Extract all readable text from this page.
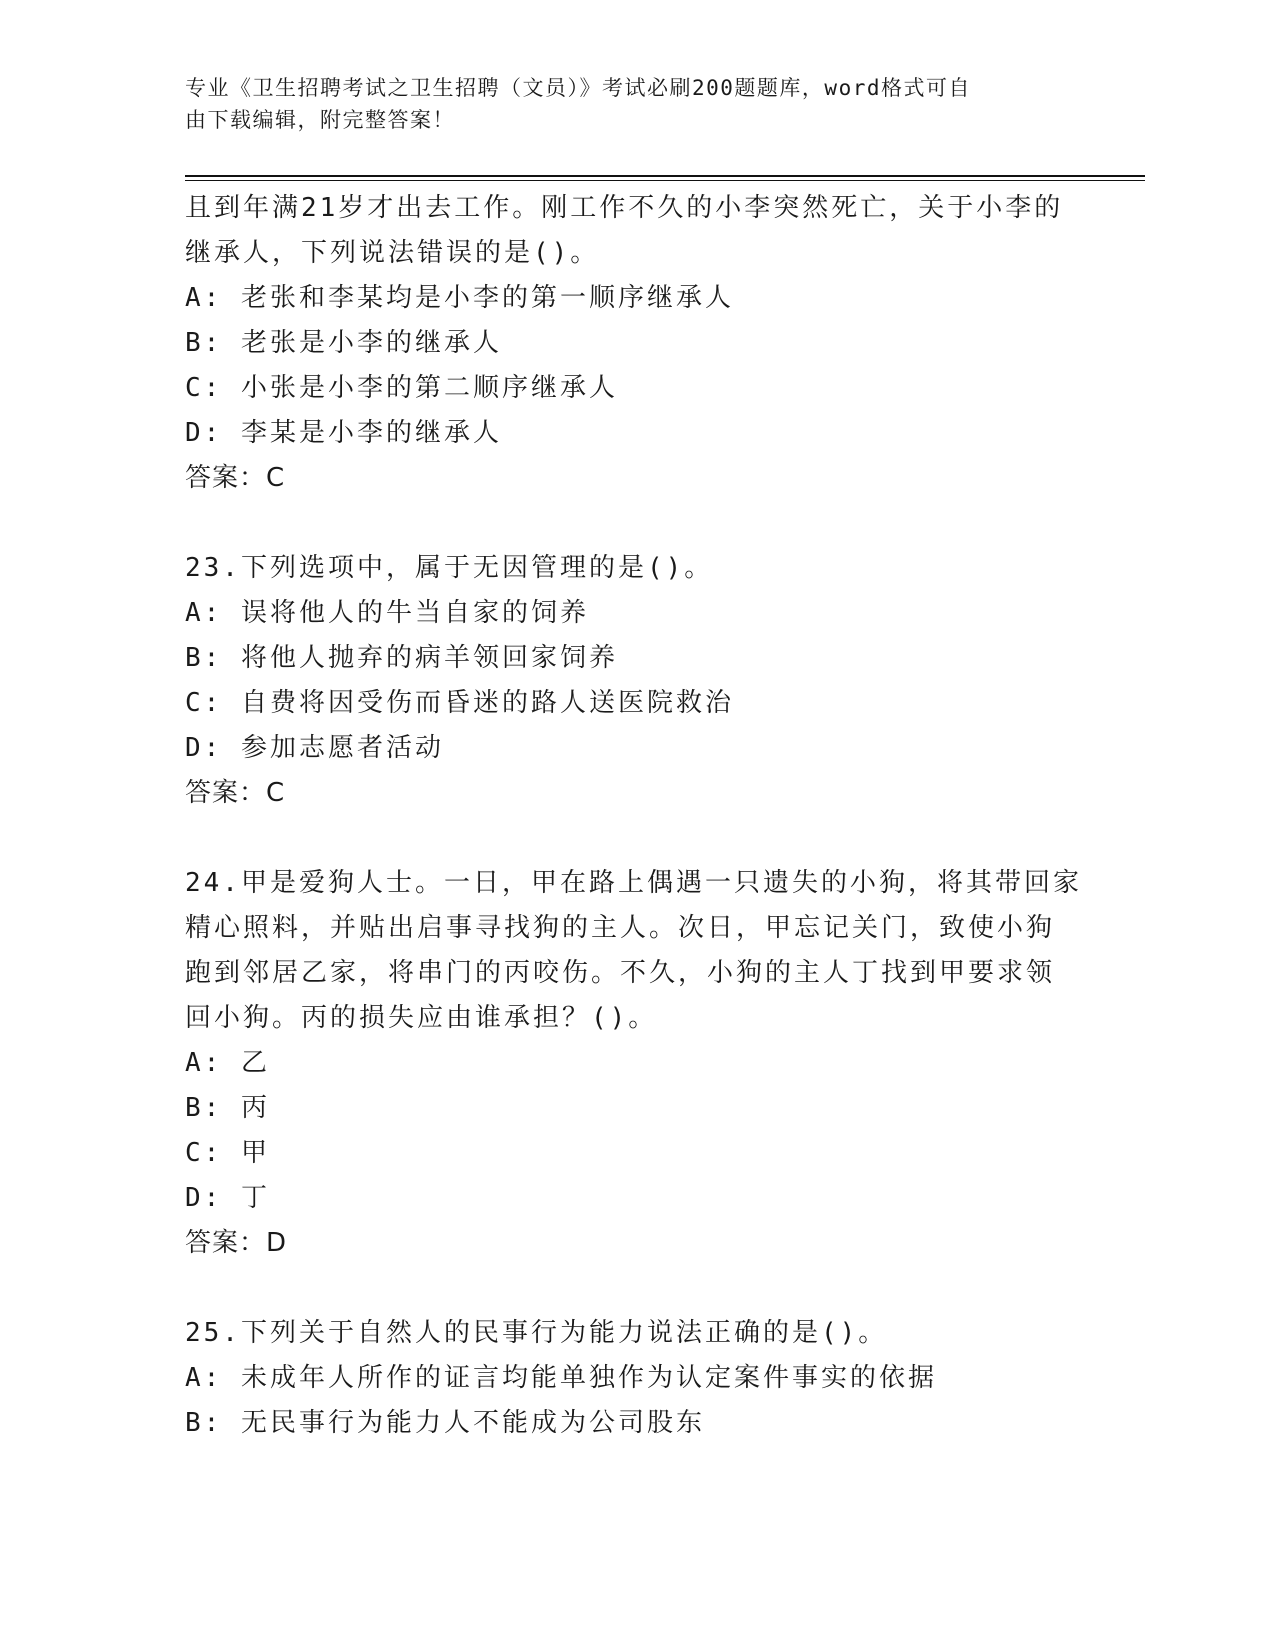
专业《卫生招聘考试之卫生招聘（文员）》考试必刷200题题库，word格式可自
由下载编辑，附完整答案！
且到年满21岁才出去工作。刚工作不久的小李突然死亡，关于小李的
继承人，下列说法错误的是()。
A: 老张和李某均是小李的第一顺序继承人
B: 老张是小李的继承人
C: 小张是小李的第二顺序继承人
D: 李某是小李的继承人
答案：C
23.下列选项中，属于无因管理的是()。
A: 误将他人的牛当自家的饲养
B: 将他人抛弃的病羊领回家饲养
C: 自费将因受伤而昏迷的路人送医院救治
D: 参加志愿者活动
答案：C
24.甲是爱狗人士。一日，甲在路上偶遇一只遗失的小狗，将其带回家
精心照料，并贴出启事寻找狗的主人。次日，甲忘记关门，致使小狗
跑到邻居乙家，将串门的丙咬伤。不久，小狗的主人丁找到甲要求领
回小狗。丙的损失应由谁承担？()。
A: 乙
B: 丙
C: 甲
D: 丁
答案：D
25.下列关于自然人的民事行为能力说法正确的是()。
A: 未成年人所作的证言均能单独作为认定案件事实的依据
B: 无民事行为能力人不能成为公司股东
